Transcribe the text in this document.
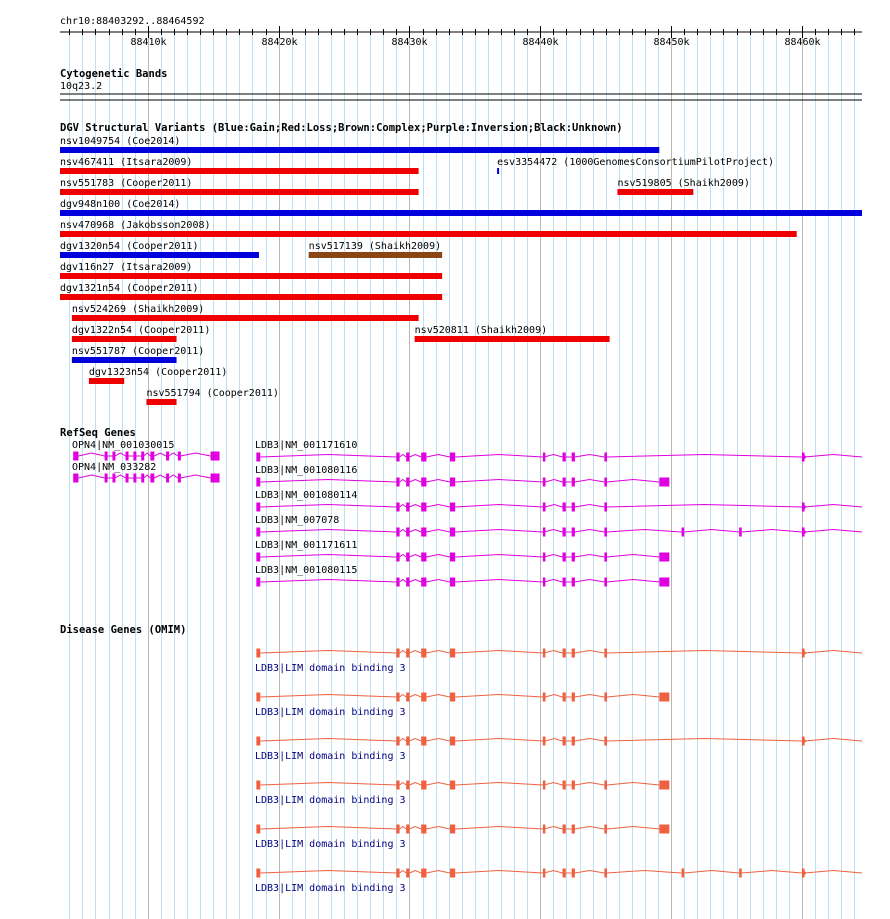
chr10:88403292..88464592
88410k	88420k	88430k	88440k	88450k	88460k
Cytogenetic Bands
10q23.2
DGV Structural Variants (Blue:Gain;Red:Loss;Brown:Complex;Purple:Inversion;Black:Unknown)
nsv1049754 (Coe2014)
nsv467411 (Itsara2009)	esv3354472 (1000GenomesConsortiumPilotProject)
nsv551783 (Cooper2011)	nsv519805 (Shaikh2009)
dgv948n100 (Coe2014)
nsv470968 (Jakobsson2008)
dgv1320n54 (Cooper2011)	nsv517139 (Shaikh2009)
dgv116n27 (Itsara2009)
dgv1321n54 (Cooper2011)
nsv524269 (Shaikh2009)
dgv1322n54 (Cooper2011)	nsv520811 (Shaikh2009)
nsv551787 (Cooper2011)
dgv1323n54 (Cooper2011)
nsv551794 (Cooper2011)
RefSeq Genes
OPN4|NM_001030015
OPN4|NM_033282
LDB3|NM_001171610
LDB3|NM_001080116
LDB3|NM_001080114
LDB3|NM_007078
LDB3|NM_001171611
LDB3|NM_001080115
Disease Genes (OMIM)
LDB3|LIM domain binding 3
LDB3|LIM domain binding 3
LDB3|LIM domain binding 3
LDB3|LIM domain binding 3
LDB3|LIM domain binding 3
LDB3|LIM domain binding 3
